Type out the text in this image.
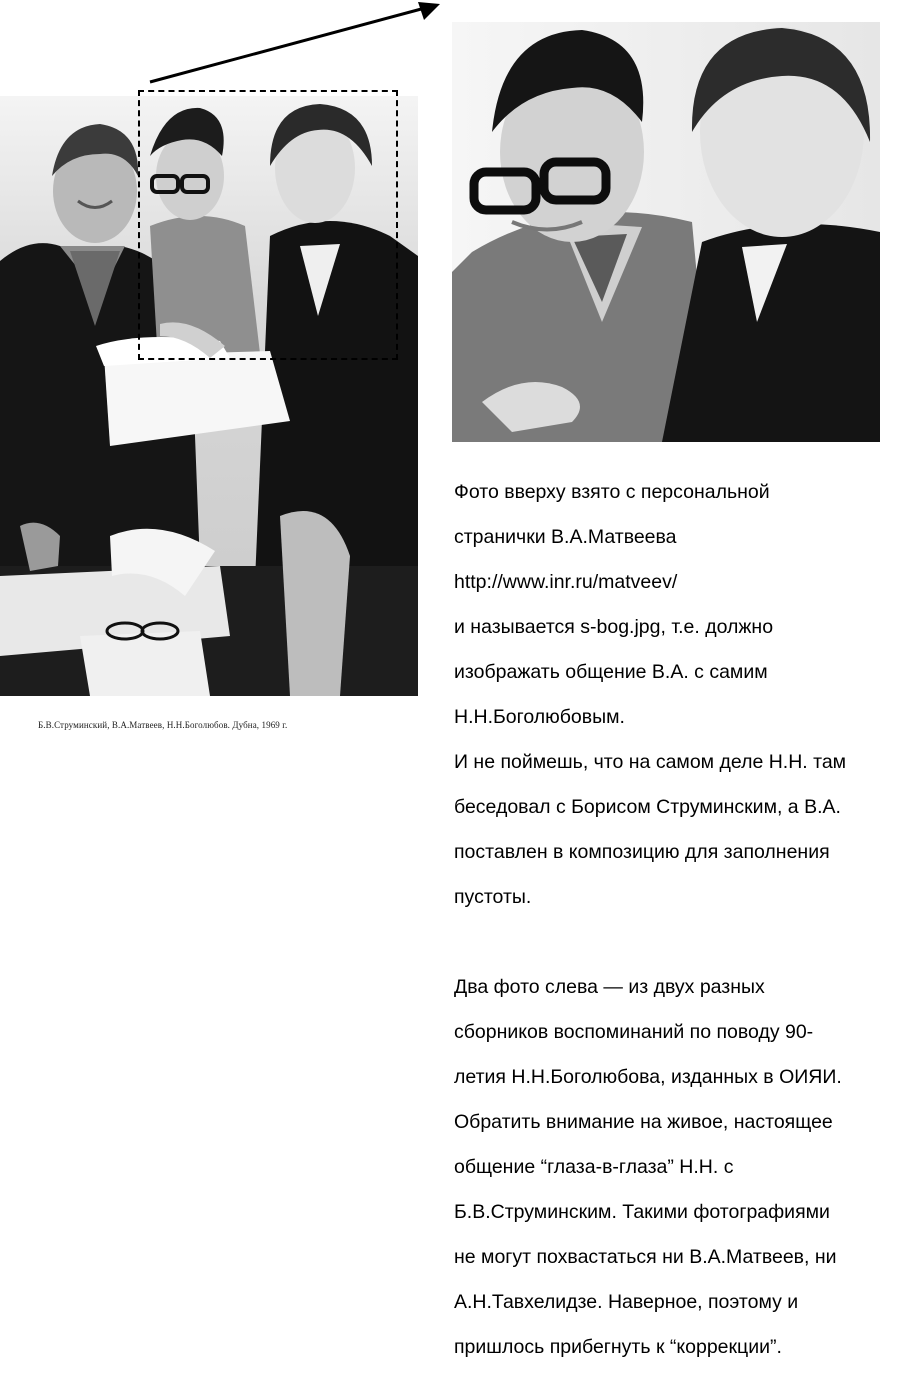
Б.В.Струминский, В.А.Матвеев, Н.Н.Боголюбов. Дубна, 1969 г.

Фото вверху взято с персональной

странички В.А.Матвеева

http://www.inr.ru/matveev/

и называется s-bog.jpg, т.е. должно

изображать общение В.А. с самим

Н.Н.Боголюбовым.

И не поймешь, что на самом деле Н.Н. там

беседовал с Борисом Струминским, а В.А.

поставлен в композицию для заполнения

пустоты.

Два фото слева — из двух разных

сборников воспоминаний по поводу 90-

летия Н.Н.Боголюбова, изданных в ОИЯИ.

Обратить внимание на живое, настоящее

общение “глаза-в-глаза” Н.Н. с

Б.В.Струминским. Такими фотографиями

не могут похвастаться ни В.А.Матвеев, ни

А.Н.Тавхелидзе. Наверное, поэтому и

пришлось прибегнуть к “коррекции”.
